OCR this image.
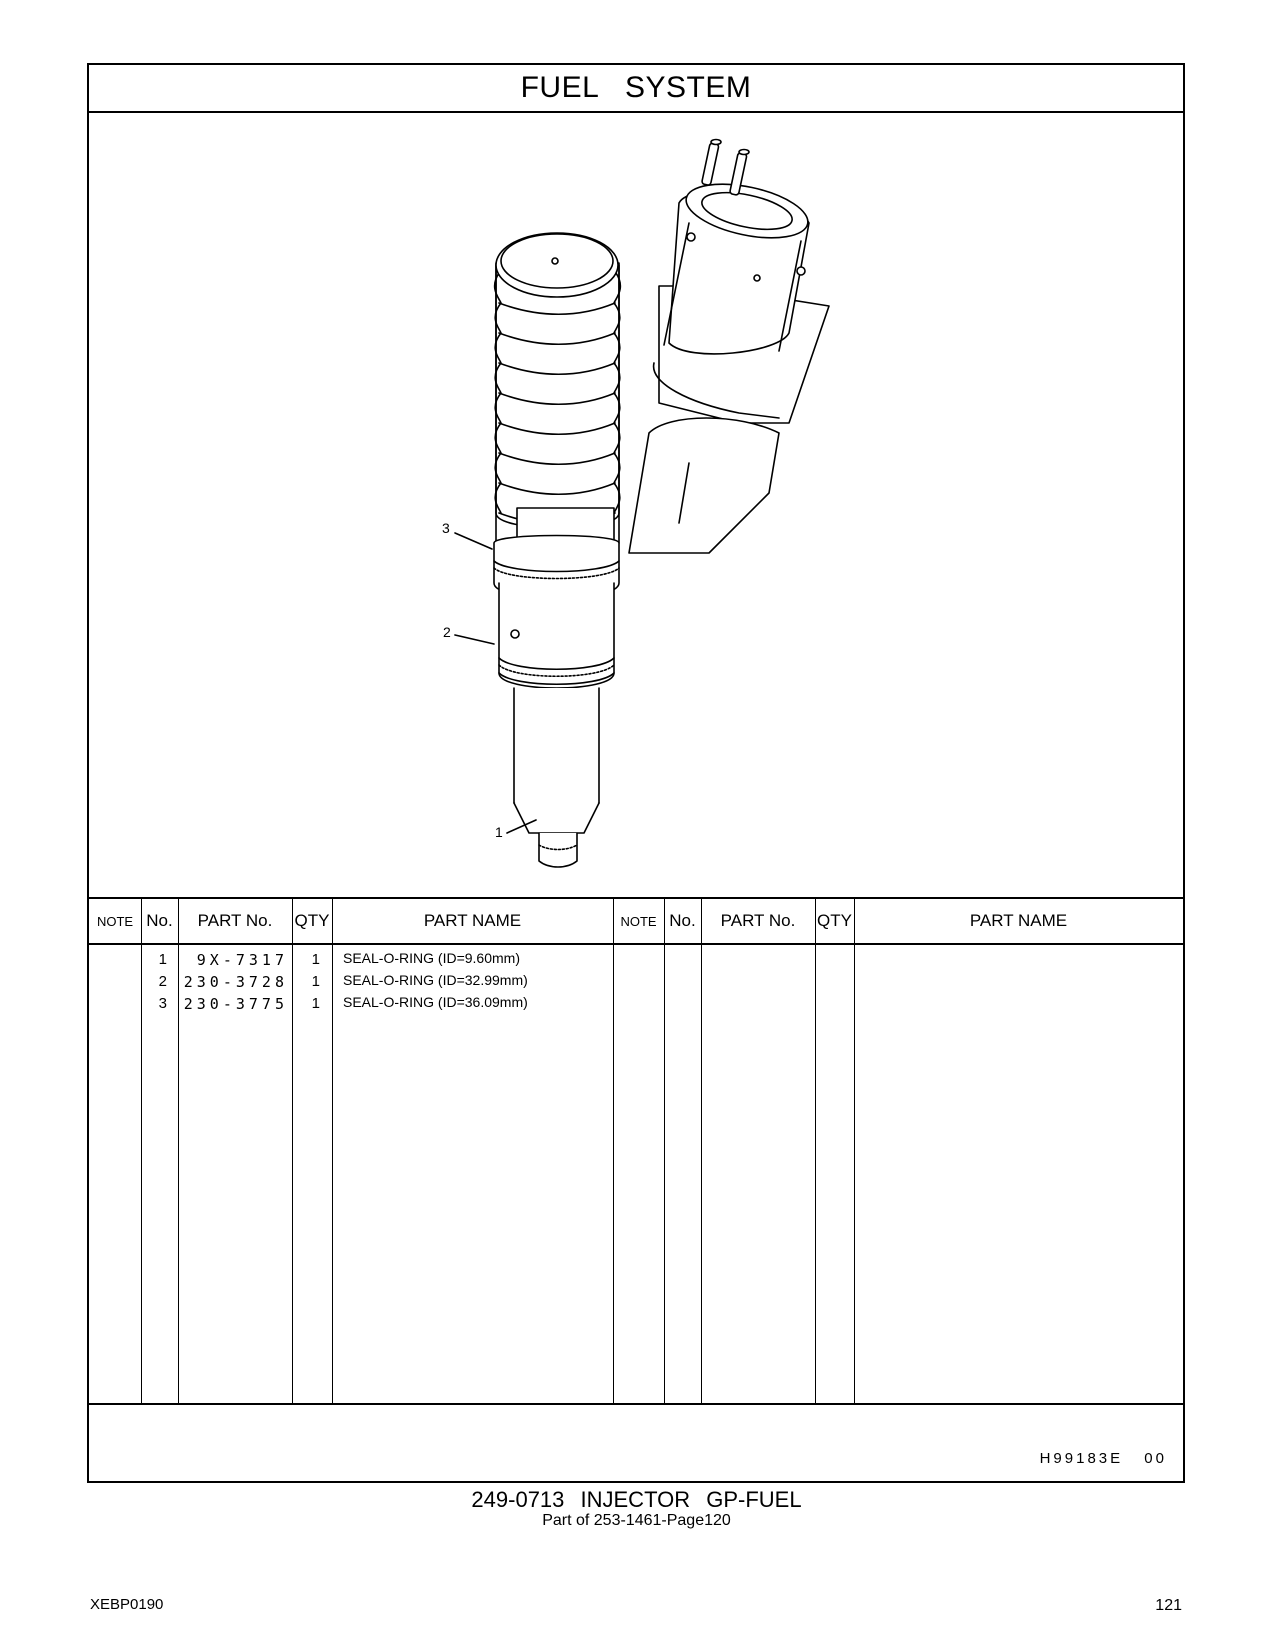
FUEL SYSTEM
3
2
1
NOTE No.	PART No.	QTY	PART NAME	NOTE No.	PART No.	QTY	PART NAME
1	9X-7317	1 SEAL-O-RING (ID=9.60mm)
2	230-3728	1 SEAL-O-RING (ID=32.99mm)
3	230-3775	1 SEAL-O-RING (ID=36.09mm)
H99183E 00
249-0713 INJECTOR GP-FUEL
Part of 253-1461-Page120
XEBP0190	121
